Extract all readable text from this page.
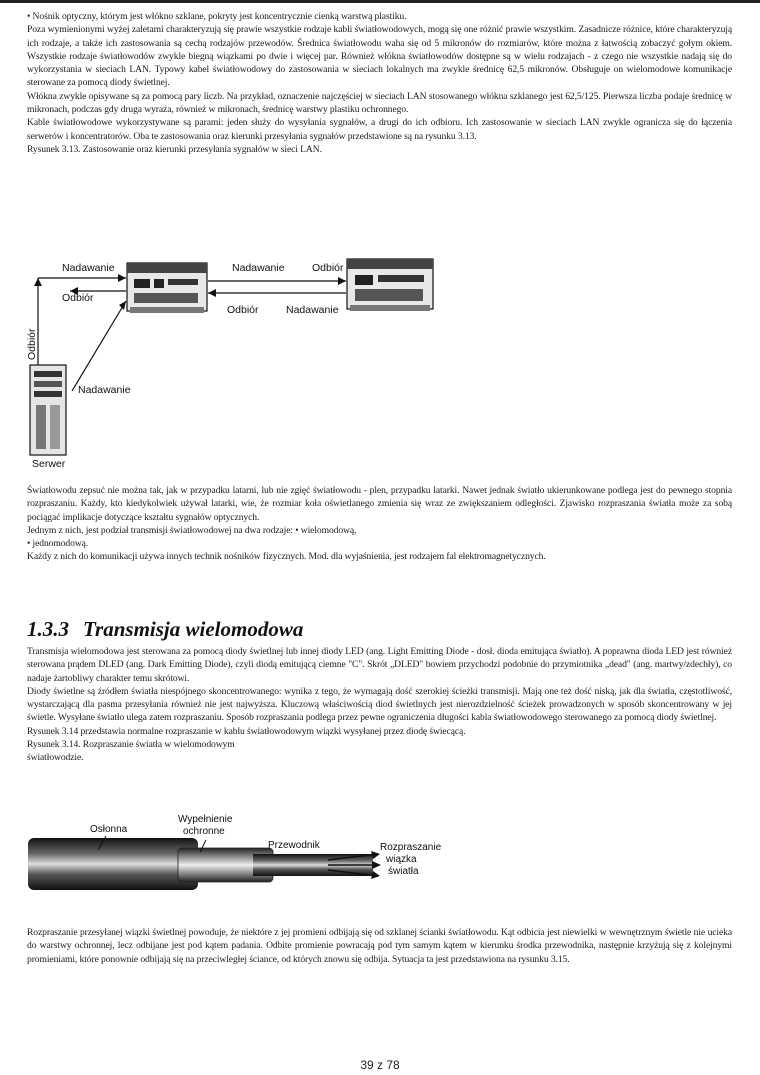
• Nośnik optyczny, którym jest włókno szklane, pokryty jest koncentrycznie cienką warstwą plastiku.

Poza wymienionymi wyżej zaletami charakteryzują się prawie wszystkie rodzaje kabli światłowodowych, mogą się one różnić prawie wszystkim. Zasadnicze różnice, które charakteryzują ich rodzaje, a także ich zastosowania są cechą rodzajów przewodów. Średnica światłowodu waha się od 5 mikronów do rozmiarów, które można z łatwością zobaczyć gołym okiem. Wszystkie rodzaje światłowodów zwykle biegną wiązkami po dwie i więcej par. Również włókna światłowodów dostępne są w wielu rodzajach - z czego nie wszystkie nadają się do wykorzystania w sieciach LAN. Typowy kabel światłowodowy do zastosowania w sieciach lokalnych ma zwykle średnicę 62,5 mikronów. Obsługuje on wielomodowe komunikacje sterowane za pomocą diody świetlnej.

Włókna zwykle opisywane są za pomocą pary liczb. Na przykład, oznaczenie najczęściej w sieciach LAN stosowanego włókna szklanego jest 62,5/125. Pierwsza liczba podaje średnicę w mikronach, podczas gdy druga wyraża, również w mikronach, średnicę warstwy plastiku ochronnego.

Kable światłowodowe wykorzystywane są parami: jeden służy do wysyłania sygnałów, a drugi do ich odbioru. Ich zastosowanie w sieciach LAN zwykle ogranicza się do łączenia serwerów i koncentratorów. Oba te zastosowania oraz kierunki przesyłania sygnałów przedstawione są na rysunku 3.13.

Rysunek 3.13. Zastosowanie oraz kierunki przesyłania sygnałów w sieci LAN.

Nadawanie	Nadawanie	Odbiór
Odbiór
Odbiór	Nadawanie
Odbiór
Nadawanie
Serwer

Światłowodu zepsuć nie można tak, jak w przypadku latarni, lub nie zgięć światłowodu - plen, przypadku latarki. Nawet jednak światło ukierunkowane podlega jest do pewnego stopnia rozpraszaniu. Każdy, kto kiedykolwiek używał latarki, wie, że rozmiar koła oświetlanego zmienia się wraz ze zwiększaniem odległości. Zjawisko rozpraszania światła może za sobą pociągać implikacje dotyczące kształtu sygnałów optycznych.

Jednym z nich, jest podział transmisji światłowodowej na dwa rodzaje: • wielomodową,

• jednomodową.

Każdy z nich do komunikacji używa innych technik nośników fizycznych. Mod. dla wyjaśnienia, jest rodzajem fal elektromagnetycznych.

1.3.3 Transmisja wielomodowa

Transmisja wielomodowa jest sterowana za pomocą diody świetlnej lub innej diody LED (ang. Light Emitting Diode - dosł. dioda emitująca światło). A poprawna dioda LED jest również sterowana prądem DLED (ang. Dark Emitting Diode), czyli diodą emitującą ciemne "C". Skrót „DLED" bowiem przychodzi podobnie do przymiotnika „dead" (ang. martwy/zdechły), co nadaje żartobliwy charakter temu skrótowi.

Diody świetlne są źródłem światła niespójnego skoncentrowanego: wynika z tego, że wymagają dość szerokiej ścieżki transmisji. Mają one też dość niską, jak dla światła, częstotliwość, wystarczającą dla pasma przesyłania również nie jest najwyższa. Kluczową właściwością diod świetlnych jest nierozdzielność ścieżek prowadzonych w sposób skoncentrowany w jej świetle. Wysyłane światło ulega zatem rozpraszaniu. Sposób rozpraszania podlega przez pewne ograniczenia długości kabla światłowodowego sterowanego za pomocą diody świetlnej.

Rysunek 3.14 przedstawia normalne rozpraszanie w kablu światłowodowym wiązki wysyłanej przez diodę świecącą.

Rysunek 3.14. Rozpraszanie światła w wielomodowym

światłowodzie.

Osłonna
Wypełnienie
ochronne
Przewodnik	Rozpraszanie
wiązka
światła

Rozpraszanie przesyłanej wiązki świetlnej powoduje, że niektóre z jej promieni odbijają się od szklanej ścianki światłowodu. Kąt odbicia jest niewielki w wewnętrznym świetle nie ucieka do warstwy ochronnej, lecz odbijane jest pod kątem padania. Odbite promienie powracają pod tym samym kątem w kierunku środka przewodnika, następnie krzyżują się z kolejnymi promieniami, które ponownie odbijają się na przeciwległej ściance, od których znowu się odbija. Sytuacja ta jest przedstawiona na rysunku 3.15.

39 z 78
